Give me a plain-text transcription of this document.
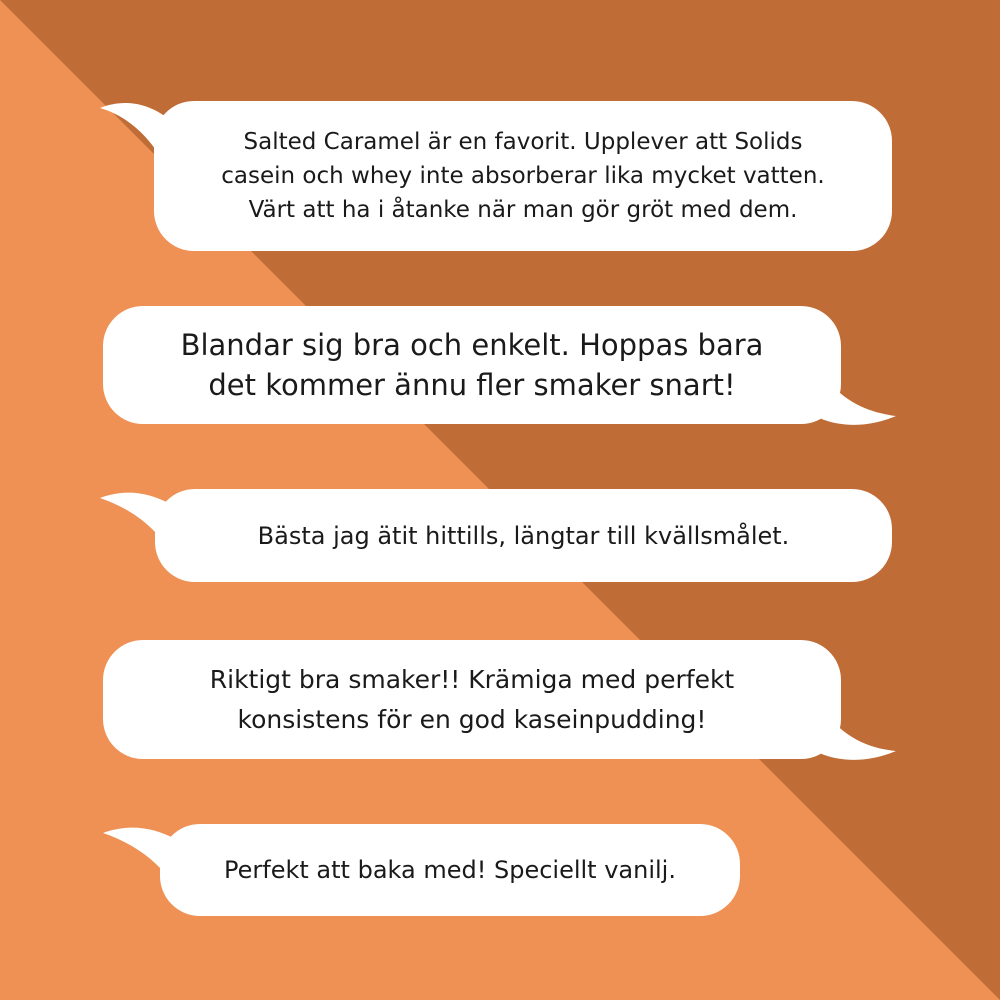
Salted Caramel är en favorit. Upplever att Solids
casein och whey inte absorberar lika mycket vatten.
Värt att ha i åtanke när man gör gröt med dem.
Blandar sig bra och enkelt. Hoppas bara
det kommer ännu fler smaker snart!
Bästa jag ätit hittills, längtar till kvällsmålet.
Riktigt bra smaker!! Krämiga med perfekt
konsistens för en god kaseinpudding!
Perfekt att baka med! Speciellt vanilj.
